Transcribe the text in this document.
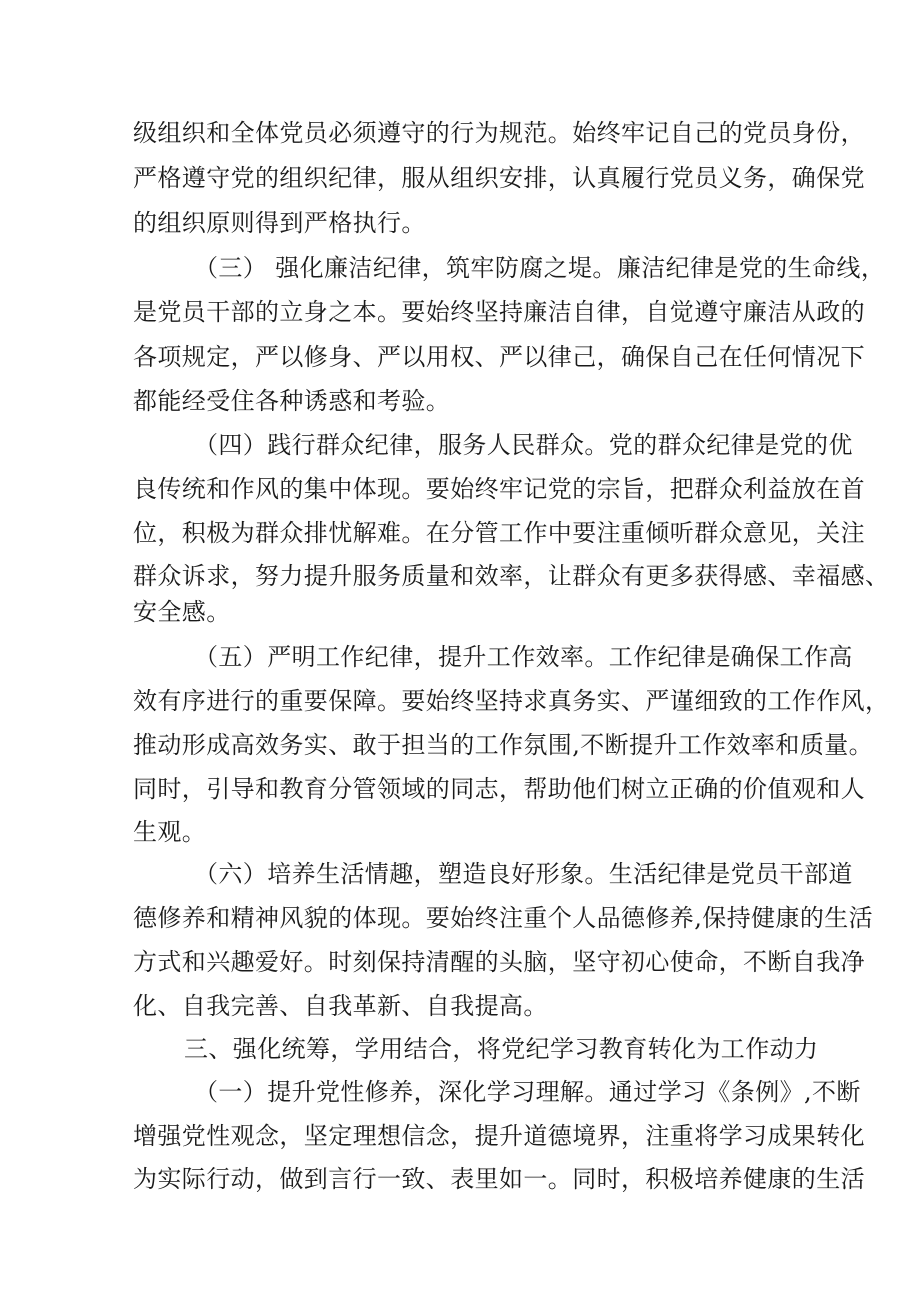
级组织和全体党员必须遵守的行为规范。始终牢记自己的党员身份，
严格遵守党的组织纪律，服从组织安排，认真履行党员义务，确保党
的组织原则得到严格执行。
（三） 强化廉洁纪律，筑牢防腐之堤。廉洁纪律是党的生命线，
是党员干部的立身之本。要始终坚持廉洁自律，自觉遵守廉洁从政的
各项规定，严以修身、严以用权、严以律己，确保自己在任何情况下
都能经受住各种诱惑和考验。
（四）践行群众纪律，服务人民群众。党的群众纪律是党的优
良传统和作风的集中体现。要始终牢记党的宗旨，把群众利益放在首
位，积极为群众排忧解难。在分管工作中要注重倾听群众意见，关注
群众诉求，努力提升服务质量和效率，让群众有更多获得感、幸福感、
安全感。
（五）严明工作纪律，提升工作效率。工作纪律是确保工作高
效有序进行的重要保障。要始终坚持求真务实、严谨细致的工作作风，
推动形成高效务实、敢于担当的工作氛围,不断提升工作效率和质量。
同时，引导和教育分管领域的同志，帮助他们树立正确的价值观和人
生观。
（六）培养生活情趣，塑造良好形象。生活纪律是党员干部道
德修养和精神风貌的体现。要始终注重个人品德修养,保持健康的生活
方式和兴趣爱好。时刻保持清醒的头脑，坚守初心使命，不断自我净
化、自我完善、自我革新、自我提高。
三、强化统筹，学用结合，将党纪学习教育转化为工作动力
（一）提升党性修养，深化学习理解。通过学习《条例》,不断
增强党性观念，坚定理想信念，提升道德境界，注重将学习成果转化
为实际行动，做到言行一致、表里如一。同时，积极培养健康的生活
